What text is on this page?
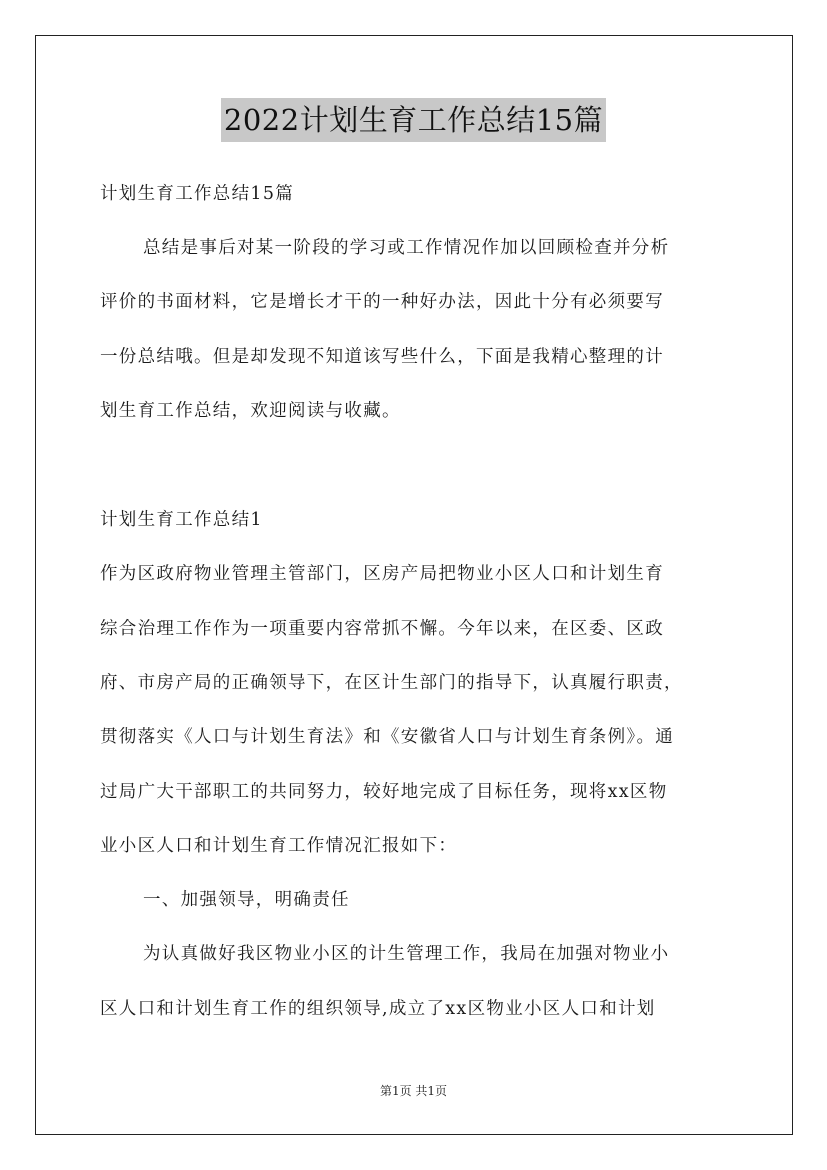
2022计划生育工作总结15篇
计划生育工作总结15篇
总结是事后对某一阶段的学习或工作情况作加以回顾检查并分析
评价的书面材料，它是增长才干的一种好办法，因此十分有必须要写
一份总结哦。但是却发现不知道该写些什么，下面是我精心整理的计
划生育工作总结，欢迎阅读与收藏。
计划生育工作总结1
作为区政府物业管理主管部门，区房产局把物业小区人口和计划生育
综合治理工作作为一项重要内容常抓不懈。今年以来，在区委、区政
府、市房产局的正确领导下，在区计生部门的指导下，认真履行职责，
贯彻落实《人口与计划生育法》和《安徽省人口与计划生育条例》。通
过局广大干部职工的共同努力，较好地完成了目标任务，现将xx区物
业小区人口和计划生育工作情况汇报如下：
一、加强领导，明确责任
为认真做好我区物业小区的计生管理工作，我局在加强对物业小
区人口和计划生育工作的组织领导,成立了xx区物业小区人口和计划
第1页 共1页
